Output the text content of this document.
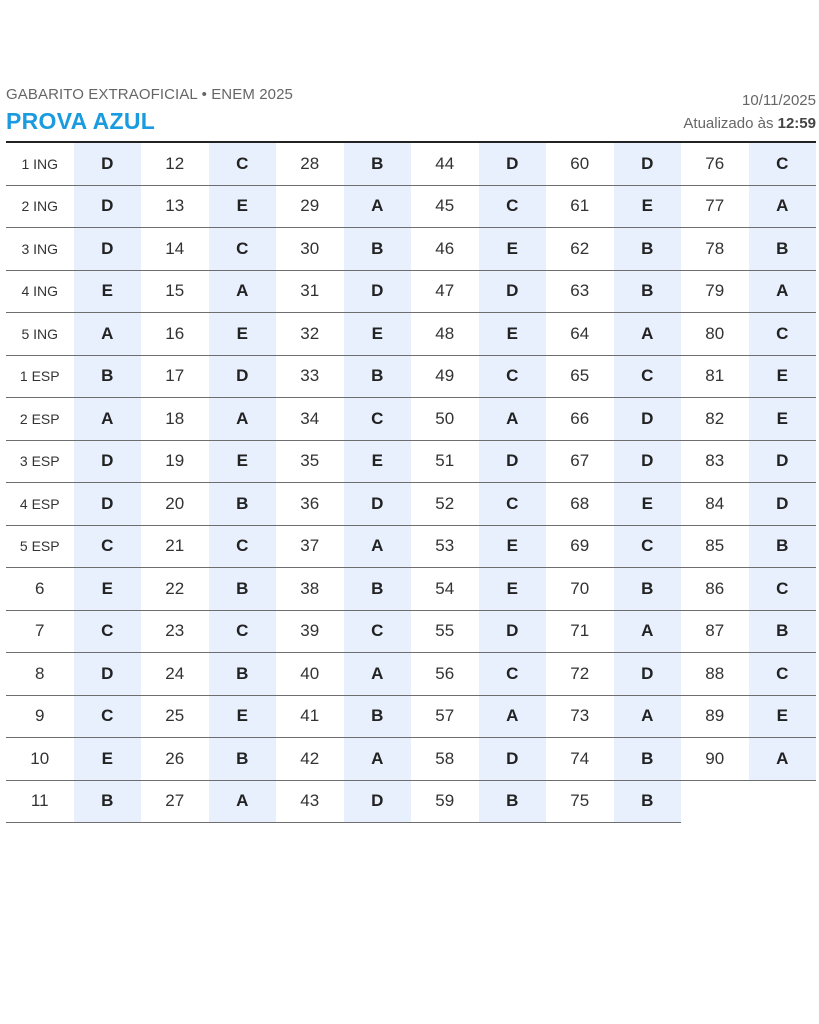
GABARITO EXTRAOFICIAL • ENEM 2025
PROVA AZUL
10/11/2025
Atualizado às 12:59
1 ING	D	12	C	28	B	44	D	60	D	76	C
2 ING	D	13	E	29	A	45	C	61	E	77	A
3 ING	D	14	C	30	B	46	E	62	B	78	B
4 ING	E	15	A	31	D	47	D	63	B	79	A
5 ING	A	16	E	32	E	48	E	64	A	80	C
1 ESP	B	17	D	33	B	49	C	65	C	81	E
2 ESP	A	18	A	34	C	50	A	66	D	82	E
3 ESP	D	19	E	35	E	51	D	67	D	83	D
4 ESP	D	20	B	36	D	52	C	68	E	84	D
5 ESP	C	21	C	37	A	53	E	69	C	85	B
6	E	22	B	38	B	54	E	70	B	86	C
7	C	23	C	39	C	55	D	71	A	87	B
8	D	24	B	40	A	56	C	72	D	88	C
9	C	25	E	41	B	57	A	73	A	89	E
10	E	26	B	42	A	58	D	74	B	90	A
11	B	27	A	43	D	59	B	75	B		
